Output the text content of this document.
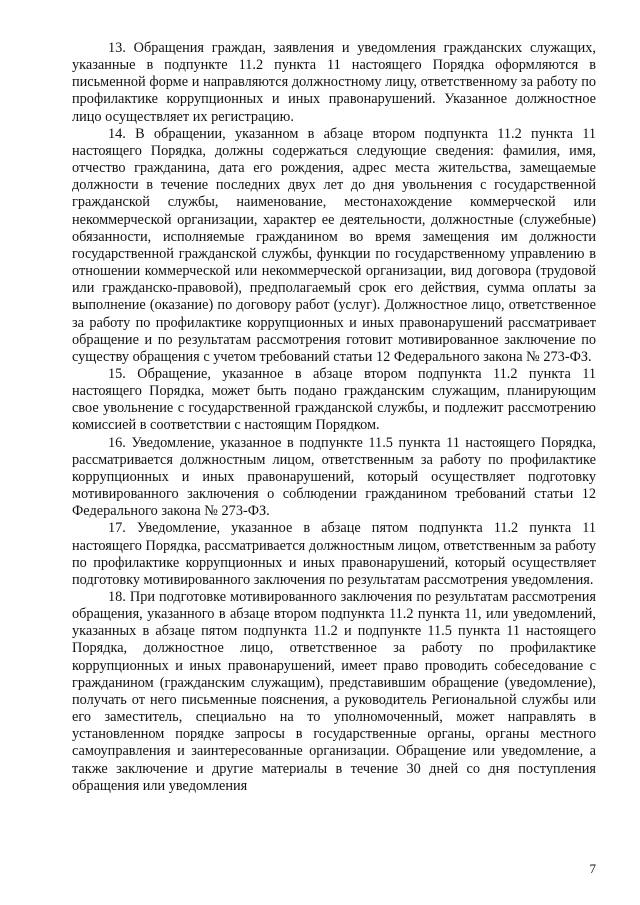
13. Обращения граждан, заявления и уведомления гражданских служащих, указанные в подпункте 11.2 пункта 11 настоящего Порядка оформляются в письменной форме и направляются должностному лицу, ответственному за работу по профилактике коррупционных и иных правонарушений. Указанное должностное лицо осуществляет их регистрацию.

14. В обращении, указанном в абзаце втором подпункта 11.2 пункта 11 настоящего Порядка, должны содержаться следующие сведения: фамилия, имя, отчество гражданина, дата его рождения, адрес места жительства, замещаемые должности в течение последних двух лет до дня увольнения с государственной гражданской службы, наименование, местонахождение коммерческой или некоммерческой организации, характер ее деятельности, должностные (служебные) обязанности, исполняемые гражданином во время замещения им должности государственной гражданской службы, функции по государственному управлению в отношении коммерческой или некоммерческой организации, вид договора (трудовой или гражданско-правовой), предполагаемый срок его действия, сумма оплаты за выполнение (оказание) по договору работ (услуг). Должностное лицо, ответственное за работу по профилактике коррупционных и иных правонарушений рассматривает обращение и по результатам рассмотрения готовит мотивированное заключение по существу обращения с учетом требований статьи 12 Федерального закона № 273-ФЗ.

15. Обращение, указанное в абзаце втором подпункта 11.2 пункта 11 настоящего Порядка, может быть подано гражданским служащим, планирующим свое увольнение с государственной гражданской службы, и подлежит рассмотрению комиссией в соответствии с настоящим Порядком.

16. Уведомление, указанное в подпункте 11.5 пункта 11 настоящего Порядка, рассматривается должностным лицом, ответственным за работу по профилактике коррупционных и иных правонарушений, который осуществляет подготовку мотивированного заключения о соблюдении гражданином требований статьи 12 Федерального закона № 273-ФЗ.

17. Уведомление, указанное в абзаце пятом подпункта 11.2 пункта 11 настоящего Порядка, рассматривается должностным лицом, ответственным за работу по профилактике коррупционных и иных правонарушений, который осуществляет подготовку мотивированного заключения по результатам рассмотрения уведомления.

18. При подготовке мотивированного заключения по результатам рассмотрения обращения, указанного в абзаце втором подпункта 11.2 пункта 11, или уведомлений, указанных в абзаце пятом подпункта 11.2 и подпункте 11.5 пункта 11 настоящего Порядка, должностное лицо, ответственное за работу по профилактике коррупционных и иных правонарушений, имеет право проводить собеседование с гражданином (гражданским служащим), представившим обращение (уведомление), получать от него письменные пояснения, а руководитель Региональной службы или его заместитель, специально на то уполномоченный, может направлять в установленном порядке запросы в государственные органы, органы местного самоуправления и заинтересованные организации. Обращение или уведомление, а также заключение и другие материалы в течение 30 дней со дня поступления обращения или уведомления

7
